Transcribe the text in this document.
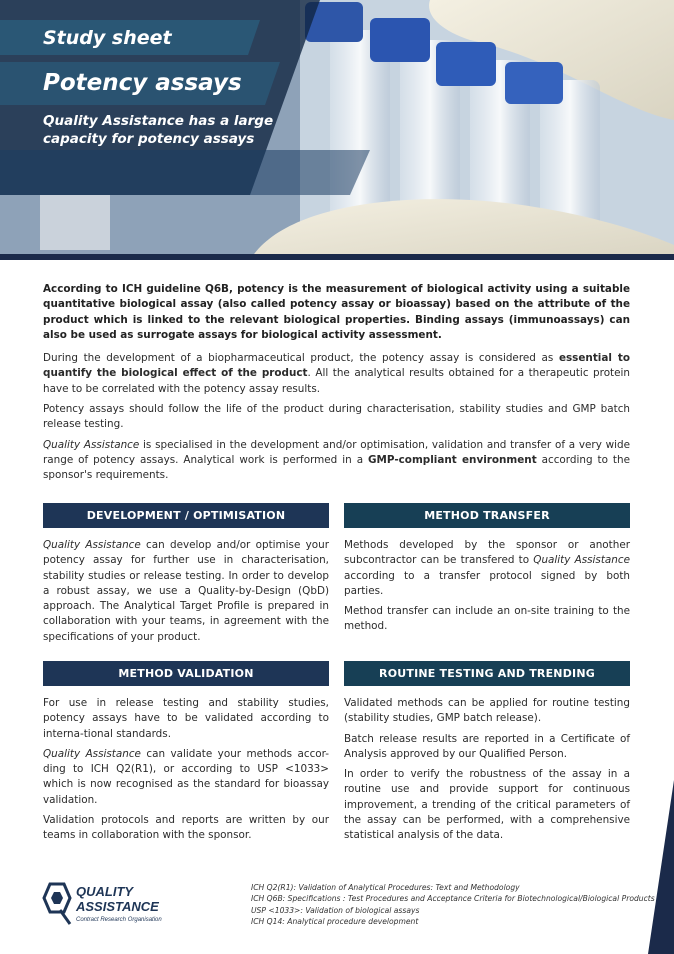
Study sheet
Potency assays

Quality Assistance has a large capacity for potency assays

According to ICH guideline Q6B, potency is the measurement of biological activity using a suitable quantitative biological assay (also called potency assay or bioassay) based on the attribute of the product which is linked to the relevant biological properties. Binding assays (immunoassays) can also be used as surrogate assays for biological activity assessment.

During the development of a biopharmaceutical product, the potency assay is considered as essential to quantify the biological effect of the product. All the analytical results obtained for a therapeutic protein have to be correlated with the potency assay results.

Potency assays should follow the life of the product during characterisation, stability studies and GMP batch release testing.

Quality Assistance is specialised in the development and/or optimisation, validation and transfer of a very wide range of potency assays. Analytical work is performed in a GMP-compliant environment according to the sponsor's requirements.

DEVELOPMENT / OPTIMISATION

Quality Assistance can develop and/or optimise your potency assay for further use in characterisation, stability studies or release testing. In order to develop a robust assay, we use a Quality-by-Design (QbD) approach. The Analytical Target Profile is prepared in collaboration with your teams, in agreement with the specifications of your product.

METHOD TRANSFER

Methods developed by the sponsor or another subcontractor can be transfered to Quality Assistance according to a transfer protocol signed by both parties.

Method transfer can include an on-site training to the method.

METHOD VALIDATION

For use in release testing and stability studies, potency assays have to be validated according to interna-tional standards.

Quality Assistance can validate your methods accor-ding to ICH Q2(R1), or according to USP <1033> which is now recognised as the standard for bioassay validation.

Validation protocols and reports are written by our teams in collaboration with the sponsor.

ROUTINE TESTING AND TRENDING

Validated methods can be applied for routine testing (stability studies, GMP batch release).

Batch release results are reported in a Certificate of Analysis approved by our Qualified Person.

In order to verify the robustness of the assay in a routine use and provide support for continuous improvement, a trending of the critical parameters of the assay can be performed, with a comprehensive statistical analysis of the data.

QUALITY
ASSISTANCE
Contract Research Organisation
ICH Q2(R1): Validation of Analytical Procedures: Text and Methodology
ICH Q6B: Specifications : Test Procedures and Acceptance Criteria for Biotechnological/Biological Products
USP <1033>: Validation of biological assays
ICH Q14: Analytical procedure development
